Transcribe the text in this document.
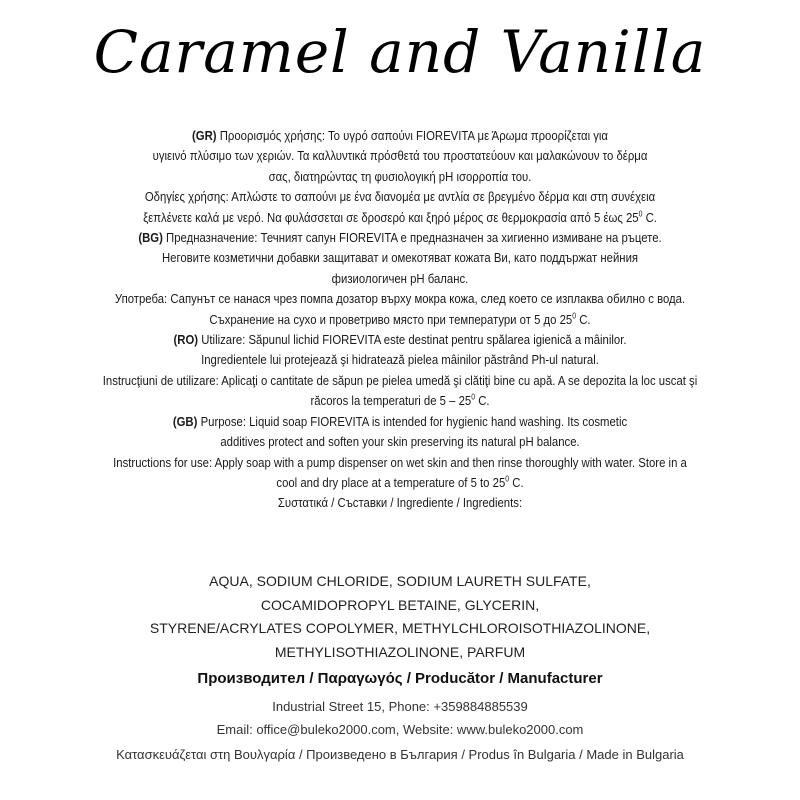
Caramel and Vanilla
(GR) Προορισμός χρήσης: Το υγρό σαπούνι FIOREVITA με Άρωμα προορίζεται για
υγιεινό πλύσιμο των χεριών. Τα καλλυντικά πρόσθετά του προστατεύουν και μαλακώνουν το δέρμα
σας, διατηρώντας τη φυσιολογική pH ισορροπία του.
Οδηγίες χρήσης: Απλώστε το σαπούνι με ένα διανομέα με αντλία σε βρεγμένο δέρμα και στη συνέχεια
ξεπλένετε καλά με νερό. Να φυλάσσεται σε δροσερό και ξηρό μέρος σε θερμοκρασία από 5 έως $25^0$ C.
(BG) Предназначение: Течният сапун FIOREVITA е предназначен за хигиенно измиване на ръцете.
Неговите козметични добавки защитават и омекотяват кожата Ви, като поддържат нейния
физиологичен pH баланс.
Употреба: Сапунът се нанася чрез помпа дозатор върху мокра кожа, след което се изплаква обилно с вода.
Съхранение на сухо и проветриво място при температури от 5 до $25^0$ C.
(RO) Utilizare: Săpunul lichid FIOREVITA este destinat pentru spălarea igienică a mâinilor.
Ingredientele lui protejează şi hidratează pielea mâinilor păstrând Ph-ul natural.
Instrucţiuni de utilizare: Aplicaţi o cantitate de săpun pe pielea umedă şi clătiţi bine cu apă. A se depozita la loc uscat şi
răcoros la temperaturi de $5 - 25^0$ C.
(GB) Purpose: Liquid soap FIOREVITA is intended for hygienic hand washing. Its cosmetic
additives protect and soften your skin preserving its natural pH balance.
Instructions for use: Apply soap with a pump dispenser on wet skin and then rinse thoroughly with water. Store in a
cool and dry place at a temperature of 5 to $25^0$ C.
Συστατικά / Съставки / Ingrediente / Ingredients:
AQUA, SODIUM CHLORIDE, SODIUM LAURETH SULFATE,
COCAMIDOPROPYL BETAINE, GLYCERIN,
STYRENE/ACRYLATES COPOLYMER, METHYLCHLOROISOTHIAZOLINONE,
METHYLISOTHIAZOLINONE, PARFUM
Производител / Παραγωγός / Producător / Manufacturer
Industrial Street 15, Phone: +359884885539
Email: office@buleko2000.com, Website: www.buleko2000.com
Κατασκευάζεται στη Βουλγαρία / Произведено в България / Produs în Bulgaria / Made in Bulgaria
